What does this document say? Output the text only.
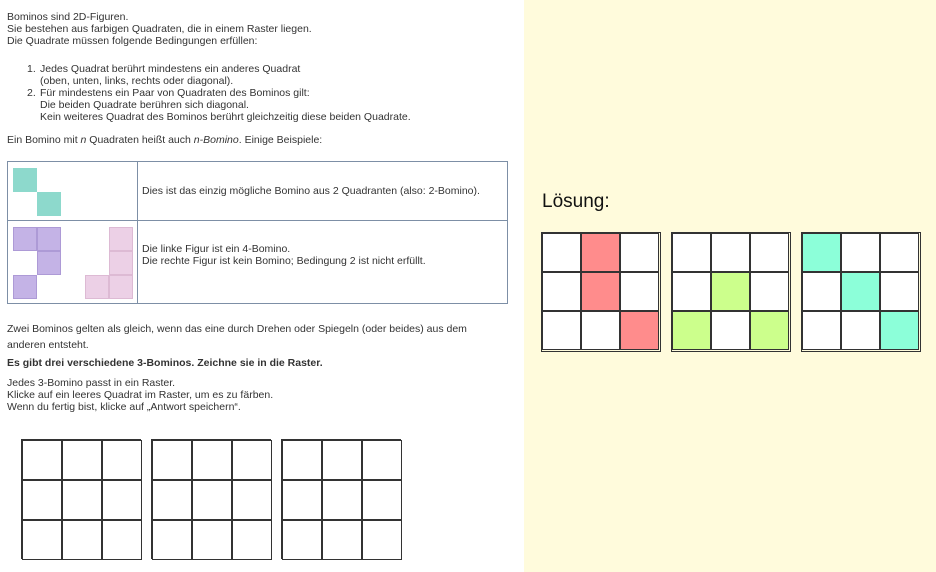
Bominos sind 2D-Figuren.

Sie bestehen aus farbigen Quadraten, die in einem Raster liegen.

Die Quadrate müssen folgende Bedingungen erfüllen:

1. Jedes Quadrat berührt mindestens ein anderes Quadrat
(oben, unten, links, rechts oder diagonal).
2. Für mindestens ein Paar von Quadraten des Bominos gilt:
Die beiden Quadrate berühren sich diagonal.
Kein weiteres Quadrat des Bominos berührt gleichzeitig diese beiden Quadrate.

Ein Bomino mit n Quadraten heißt auch n-Bomino. Einige Beispiele:

	Dies ist das einzig mögliche Bomino aus 2 Quadranten (also: 2-Bomino).

	Die linke Figur ist ein 4-Bomino.
Die rechte Figur ist kein Bomino; Bedingung 2 ist nicht erfüllt.

Zwei Bominos gelten als gleich, wenn das eine durch Drehen oder Spiegeln (oder beides) aus dem

anderen entsteht.

Es gibt drei verschiedene 3-Bominos. Zeichne sie in die Raster.

Jedes 3-Bomino passt in ein Raster.

Klicke auf ein leeres Quadrat im Raster, um es zu färben.

Wenn du fertig bist, klicke auf „Antwort speichern“.

Lösung:
